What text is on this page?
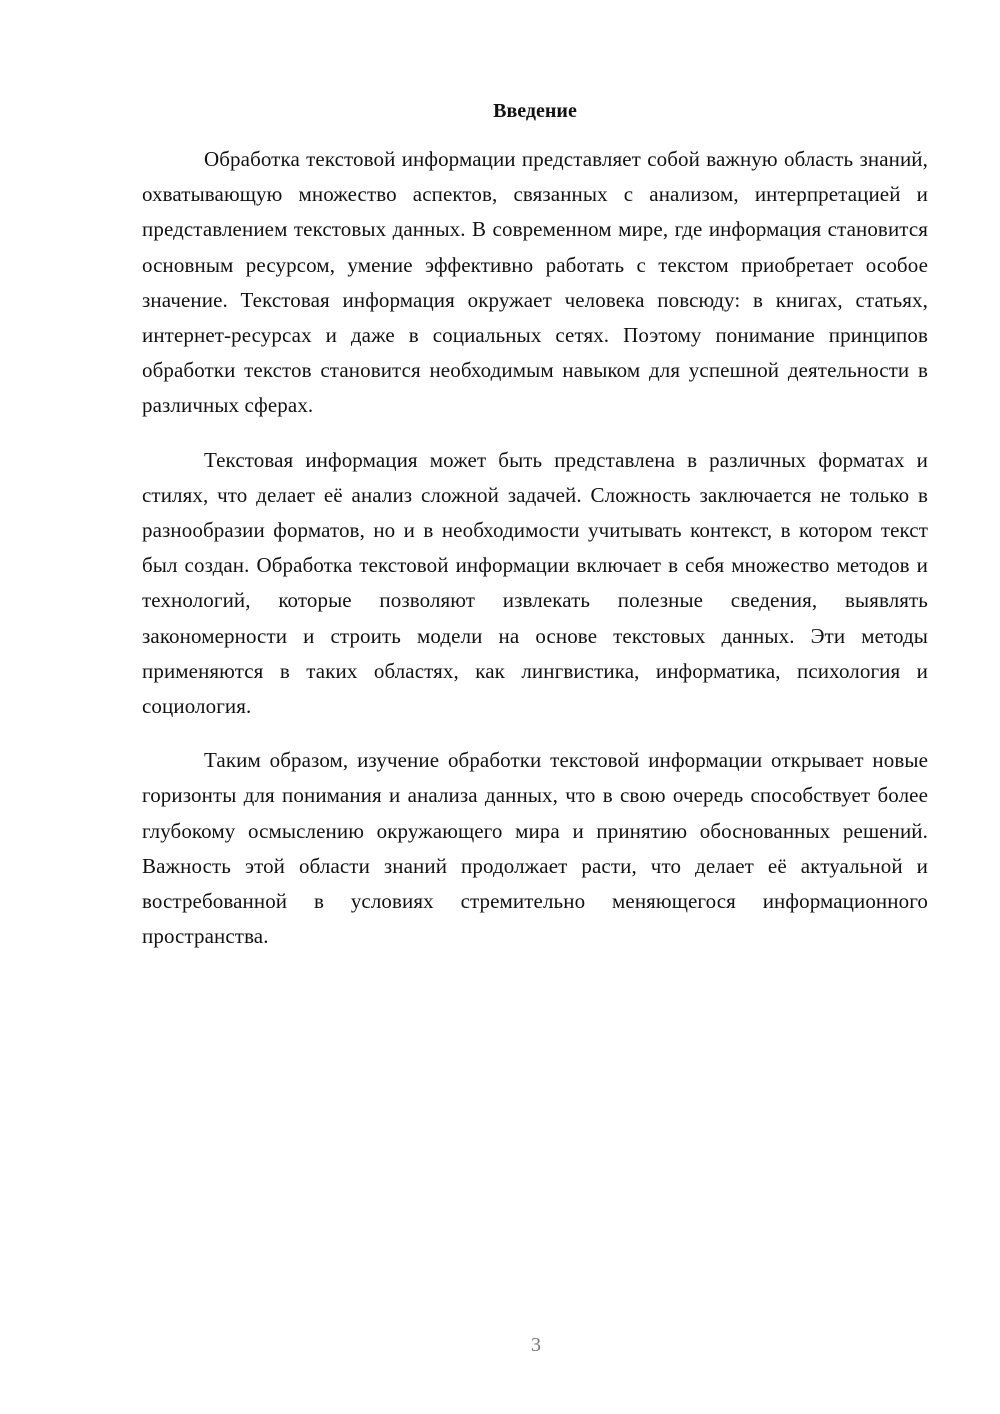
Введение

Обработка текстовой информации представляет собой важную область знаний, охватывающую множество аспектов, связанных с анализом, интерпретацией и представлением текстовых данных. В современном мире, где информация становится основным ресурсом, умение эффективно работать с текстом приобретает особое значение. Текстовая информация окружает человека повсюду: в книгах, статьях, интернет-ресурсах и даже в социальных сетях. Поэтому понимание принципов обработки текстов становится необходимым навыком для успешной деятельности в различных сферах.

Текстовая информация может быть представлена в различных форматах и стилях, что делает её анализ сложной задачей. Сложность заключается не только в разнообразии форматов, но и в необходимости учитывать контекст, в котором текст был создан. Обработка текстовой информации включает в себя множество методов и технологий, которые позволяют извлекать полезные сведения, выявлять закономерности и строить модели на основе текстовых данных. Эти методы применяются в таких областях, как лингвистика, информатика, психология и социология.

Таким образом, изучение обработки текстовой информации открывает новые горизонты для понимания и анализа данных, что в свою очередь способствует более глубокому осмыслению окружающего мира и принятию обоснованных решений. Важность этой области знаний продолжает расти, что делает её актуальной и востребованной в условиях стремительно меняющегося информационного пространства.

3
